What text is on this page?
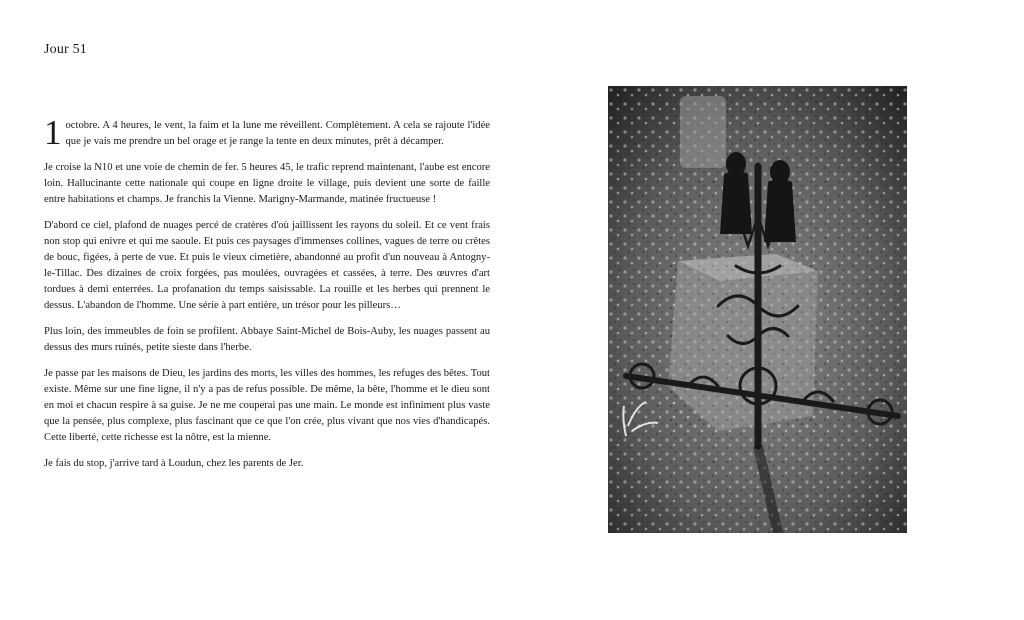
Jour 51

1 octobre. A 4 heures, le vent, la faim et la lune me réveillent. Complètement. A cela se rajoute l'idée que je vais me prendre un bel orage et je range la tente en deux minutes, prêt à décamper.

Je croise la N10 et une voie de chemin de fer. 5 heures 45, le trafic reprend maintenant, l'aube est encore loin. Hallucinante cette nationale qui coupe en ligne droite le village, puis devient une sorte de faille entre habitations et champs. Je franchis la Vienne. Marigny-Marmande, matinée fructueuse !

D'abord ce ciel, plafond de nuages percé de cratères d'où jaillissent les rayons du soleil. Et ce vent frais non stop qui enivre et qui me saoule. Et puis ces paysages d'immenses collines, vagues de terre ou crêtes de bouc, figées, à perte de vue. Et puis le vieux cimetière, abandonné au profit d'un nouveau à Antogny-le-Tillac. Des dizaines de croix forgées, pas moulées, ouvragées et cassées, à terre. Des œuvres d'art tordues à demi enterrées. La profanation du temps saisissable. La rouille et les herbes qui prennent le dessus. L'abandon de l'homme. Une série à part entière, un trésor pour les pilleurs…

Plus loin, des immeubles de foin se profilent. Abbaye Saint-Michel de Bois-Auby, les nuages passent au dessus des murs ruinés, petite sieste dans l'herbe.

Je passe par les maisons de Dieu, les jardins des morts, les villes des hommes, les refuges des bêtes. Tout existe. Même sur une fine ligne, il n'y a pas de refus possible. De même, la bête, l'homme et le dieu sont en moi et chacun respire à sa guise. Je ne me couperai pas une main. Le monde est infiniment plus vaste que la pensée, plus complexe, plus fascinant que ce que l'on crée, plus vivant que nos vies d'handicapés. Cette liberté, cette richesse est la nôtre, est la mienne.

Je fais du stop, j'arrive tard à Loudun, chez les parents de Jer.
